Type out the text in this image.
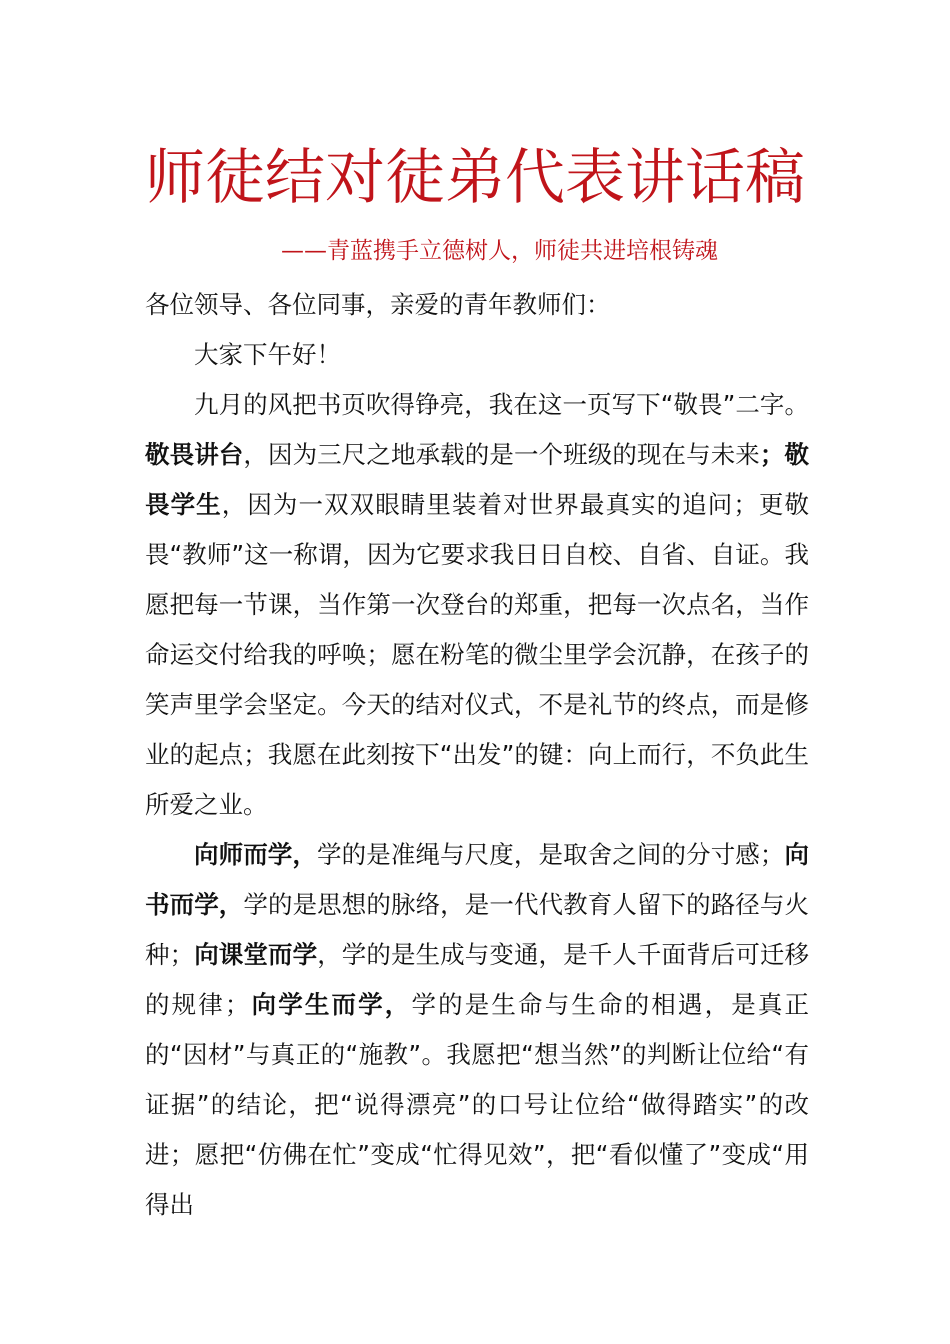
师徒结对徒弟代表讲话稿
——青蓝携手立德树人，师徒共进培根铸魂

各位领导、各位同事，亲爱的青年教师们：

大家下午好！

九月的风把书页吹得铮亮，我在这一页写下“敬畏”二字。敬畏讲台，因为三尺之地承载的是一个班级的现在与未来；敬畏学生，因为一双双眼睛里装着对世界最真实的追问；更敬畏“教师”这一称谓，因为它要求我日日自校、自省、自证。我愿把每一节课，当作第一次登台的郑重，把每一次点名，当作命运交付给我的呼唤；愿在粉笔的微尘里学会沉静，在孩子的笑声里学会坚定。今天的结对仪式，不是礼节的终点，而是修业的起点；我愿在此刻按下“出发”的键：向上而行，不负此生所爱之业。

向师而学，学的是准绳与尺度，是取舍之间的分寸感；向书而学，学的是思想的脉络，是一代代教育人留下的路径与火种；向课堂而学，学的是生成与变通，是千人千面背后可迁移的规律；向学生而学，学的是生命与生命的相遇，是真正的“因材”与真正的“施教”。我愿把“想当然”的判断让位给“有证据”的结论，把“说得漂亮”的口号让位给“做得踏实”的改进；愿把“仿佛在忙”变成“忙得见效”，把“看似懂了”变成“用得出
